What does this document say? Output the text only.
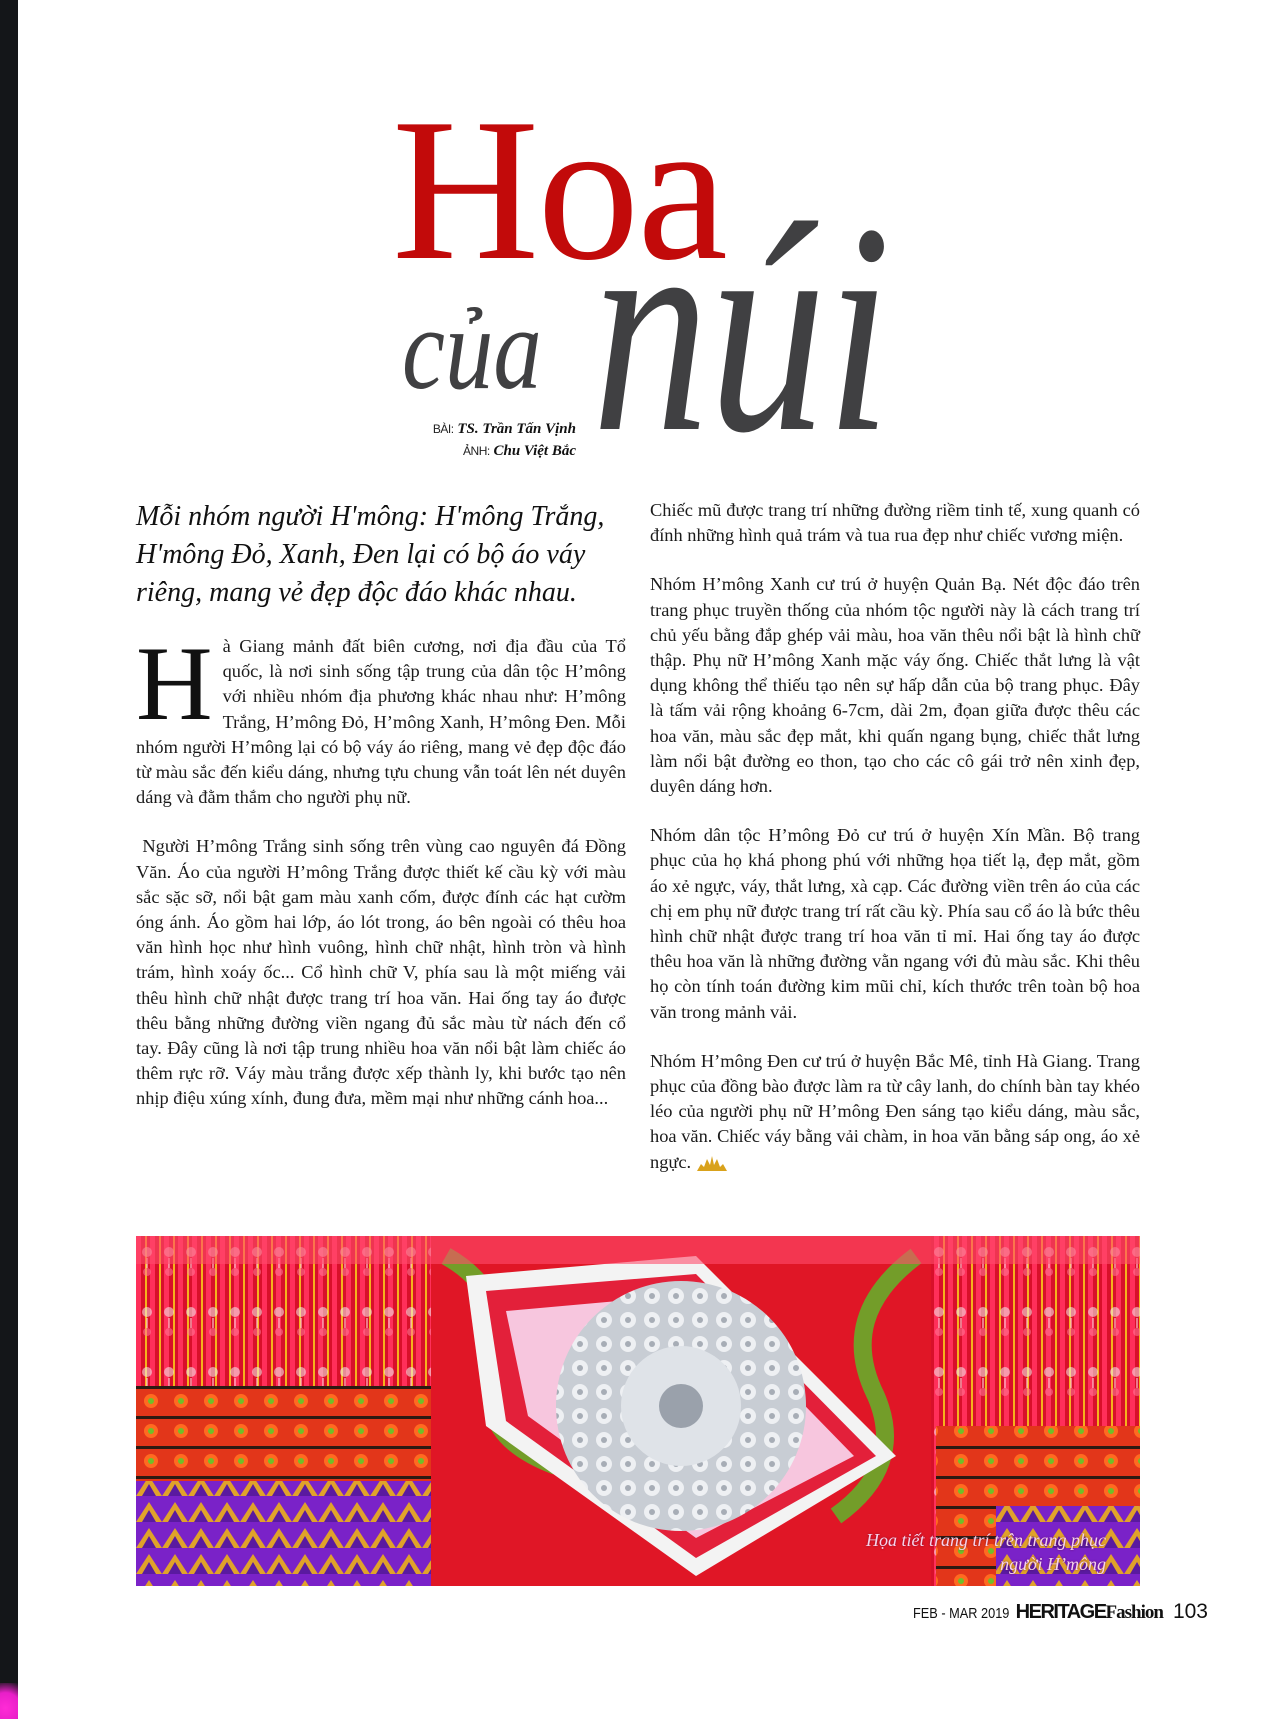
Hoa
của núi
BÀI: TS. Trần Tấn Vịnh
ẢNH: Chu Việt Bắc

Mỗi nhóm người H'mông: H'mông Trắng, H'mông Đỏ, Xanh, Đen lại có bộ áo váy riêng, mang vẻ đẹp độc đáo khác nhau.

Hà Giang mảnh đất biên cương, nơi địa đầu của Tổ quốc, là nơi sinh sống tập trung của dân tộc H’mông với nhiều nhóm địa phương khác nhau như: H’mông Trắng, H’mông Đỏ, H’mông Xanh, H’mông Đen. Mỗi nhóm người H’mông lại có bộ váy áo riêng, mang vẻ đẹp độc đáo từ màu sắc đến kiểu dáng, nhưng tựu chung vẫn toát lên nét duyên dáng và đằm thắm cho người phụ nữ.

Người H’mông Trắng sinh sống trên vùng cao nguyên đá Đồng Văn. Áo của người H’mông Trắng được thiết kế cầu kỳ với màu sắc sặc sỡ, nổi bật gam màu xanh cốm, được đính các hạt cườm óng ánh. Áo gồm hai lớp, áo lót trong, áo bên ngoài có thêu hoa văn hình học như hình vuông, hình chữ nhật, hình tròn và hình trám, hình xoáy ốc... Cổ hình chữ V, phía sau là một miếng vải thêu hình chữ nhật được trang trí hoa văn. Hai ống tay áo được thêu bằng những đường viền ngang đủ sắc màu từ nách đến cổ tay. Đây cũng là nơi tập trung nhiều hoa văn nổi bật làm chiếc áo thêm rực rỡ. Váy màu trắng được xếp thành ly, khi bước tạo nên nhịp điệu xúng xính, đung đưa, mềm mại như những cánh hoa...

Chiếc mũ được trang trí những đường riềm tinh tế, xung quanh có đính những hình quả trám và tua rua đẹp như chiếc vương miện.

Nhóm H’mông Xanh cư trú ở huyện Quản Bạ. Nét độc đáo trên trang phục truyền thống của nhóm tộc người này là cách trang trí chủ yếu bằng đắp ghép vải màu, hoa văn thêu nổi bật là hình chữ thập. Phụ nữ H’mông Xanh mặc váy ống. Chiếc thắt lưng là vật dụng không thể thiếu tạo nên sự hấp dẫn của bộ trang phục. Đây là tấm vải rộng khoảng 6-7cm, dài 2m, đọan giữa được thêu các hoa văn, màu sắc đẹp mắt, khi quấn ngang bụng, chiếc thắt lưng làm nổi bật đường eo thon, tạo cho các cô gái trở nên xinh đẹp, duyên dáng hơn.

Nhóm dân tộc H’mông Đỏ cư trú ở huyện Xín Mần. Bộ trang phục của họ khá phong phú với những họa tiết lạ, đẹp mắt, gồm áo xẻ ngực, váy, thắt lưng, xà cạp. Các đường viền trên áo của các chị em phụ nữ được trang trí rất cầu kỳ. Phía sau cổ áo là bức thêu hình chữ nhật được trang trí hoa văn tỉ mỉ. Hai ống tay áo được thêu hoa văn là những đường vằn ngang với đủ màu sắc. Khi thêu họ còn tính toán đường kim mũi chỉ, kích thước trên toàn bộ hoa văn trong mảnh vải.

Nhóm H’mông Đen cư trú ở huyện Bắc Mê, tỉnh Hà Giang. Trang phục của đồng bào được làm ra từ cây lanh, do chính bàn tay khéo léo của người phụ nữ H’mông Đen sáng tạo kiểu dáng, màu sắc, hoa văn. Chiếc váy bằng vải chàm, in hoa văn bằng sáp ong, áo xẻ ngực.

Họa tiết trang trí trên trang phục người H’mông
FEB - MAR 2019 HERITAGE Fashion 103
